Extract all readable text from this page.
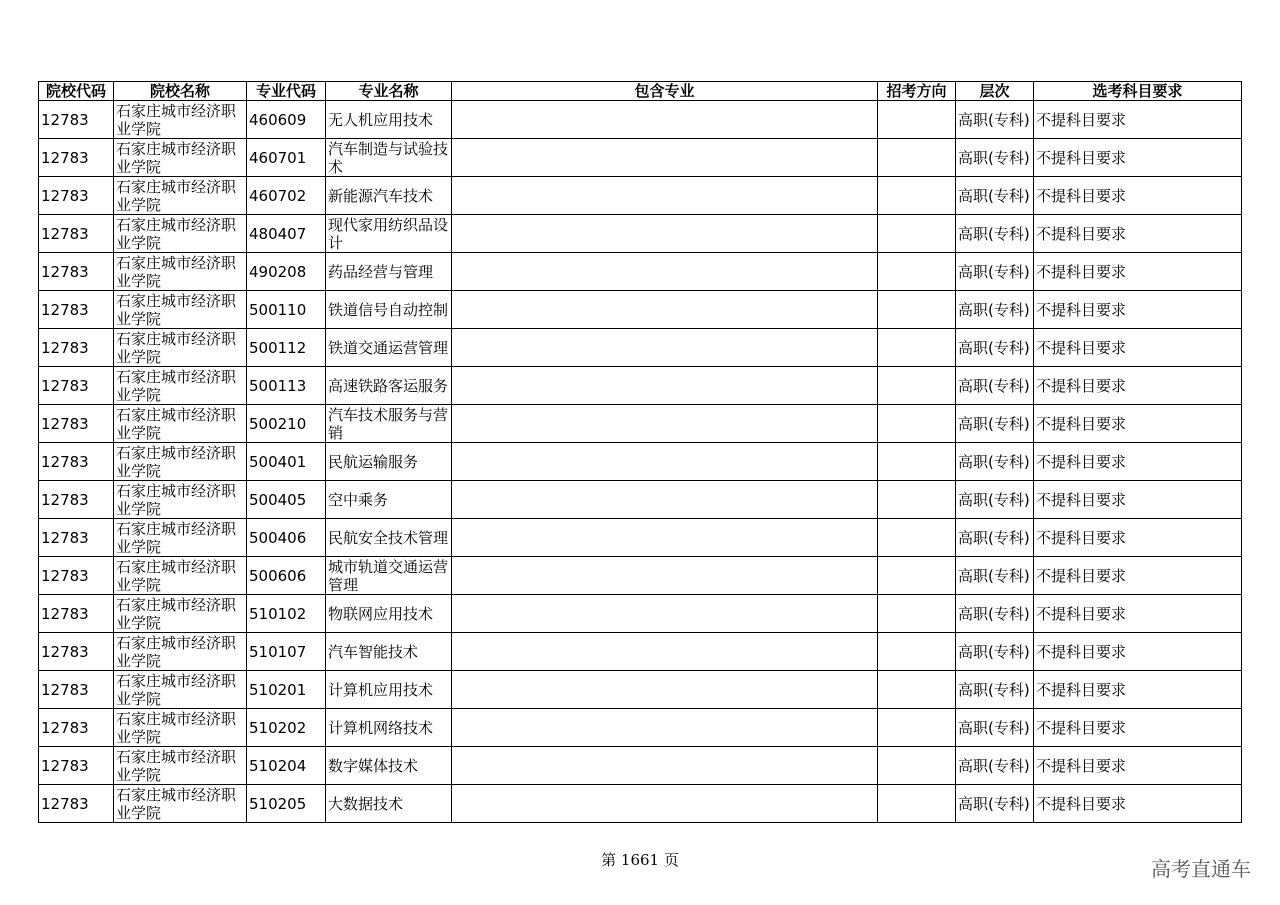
院校代码	院校名称	专业代码	专业名称	包含专业	招考方向	层次	选考科目要求
12783	石家庄城市经济职业学院	460609	无人机应用技术			高职(专科)	不提科目要求
12783	石家庄城市经济职业学院	460701	汽车制造与试验技术			高职(专科)	不提科目要求
12783	石家庄城市经济职业学院	460702	新能源汽车技术			高职(专科)	不提科目要求
12783	石家庄城市经济职业学院	480407	现代家用纺织品设计			高职(专科)	不提科目要求
12783	石家庄城市经济职业学院	490208	药品经营与管理			高职(专科)	不提科目要求
12783	石家庄城市经济职业学院	500110	铁道信号自动控制			高职(专科)	不提科目要求
12783	石家庄城市经济职业学院	500112	铁道交通运营管理			高职(专科)	不提科目要求
12783	石家庄城市经济职业学院	500113	高速铁路客运服务			高职(专科)	不提科目要求
12783	石家庄城市经济职业学院	500210	汽车技术服务与营销			高职(专科)	不提科目要求
12783	石家庄城市经济职业学院	500401	民航运输服务			高职(专科)	不提科目要求
12783	石家庄城市经济职业学院	500405	空中乘务			高职(专科)	不提科目要求
12783	石家庄城市经济职业学院	500406	民航安全技术管理			高职(专科)	不提科目要求
12783	石家庄城市经济职业学院	500606	城市轨道交通运营管理			高职(专科)	不提科目要求
12783	石家庄城市经济职业学院	510102	物联网应用技术			高职(专科)	不提科目要求
12783	石家庄城市经济职业学院	510107	汽车智能技术			高职(专科)	不提科目要求
12783	石家庄城市经济职业学院	510201	计算机应用技术			高职(专科)	不提科目要求
12783	石家庄城市经济职业学院	510202	计算机网络技术			高职(专科)	不提科目要求
12783	石家庄城市经济职业学院	510204	数字媒体技术			高职(专科)	不提科目要求
12783	石家庄城市经济职业学院	510205	大数据技术			高职(专科)	不提科目要求
第 1661 页	高考直通车
